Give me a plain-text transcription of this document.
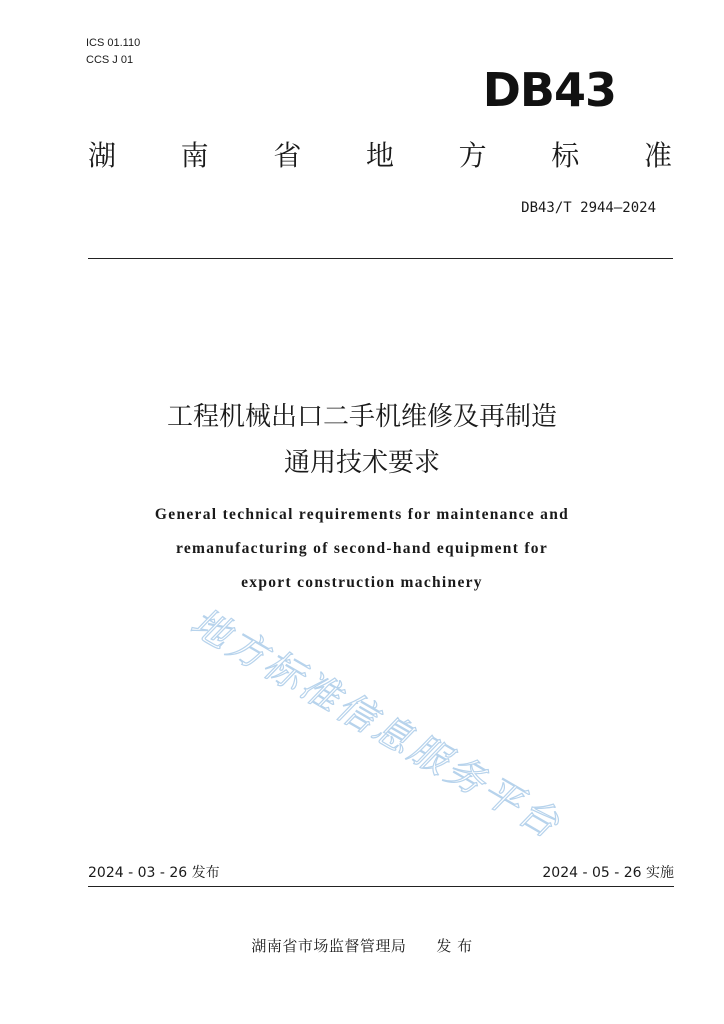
ICS 01.110
CCS J 01
DB43
湖 南 省 地 方 标 准
DB43/T 2944—2024
工程机械出口二手机维修及再制造
通用技术要求
General technical requirements for maintenance and
remanufacturing of second-hand equipment for
export construction machinery
地方标准信息服务平台
2024 - 03 - 26 发布	2024 - 05 - 26 实施
湖南省市场监督管理局 发 布
